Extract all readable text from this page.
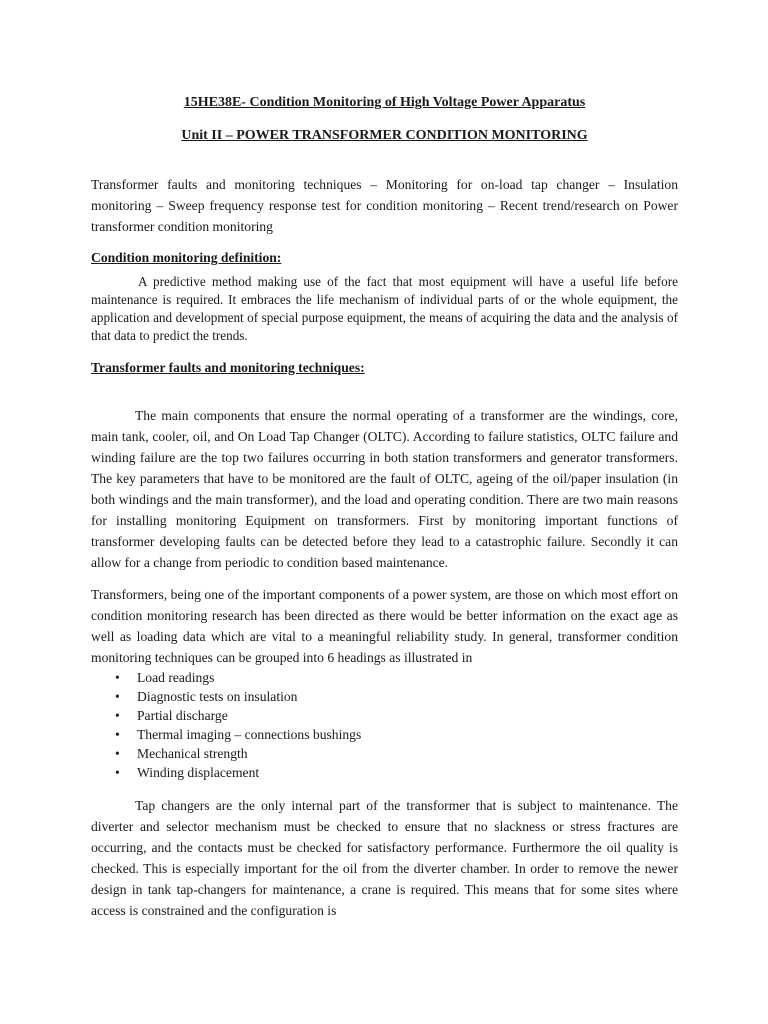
15HE38E- Condition Monitoring of High Voltage Power Apparatus

Unit II – POWER TRANSFORMER CONDITION MONITORING

Transformer faults and monitoring techniques – Monitoring for on-load tap changer – Insulation monitoring – Sweep frequency response test for condition monitoring – Recent trend/research on Power transformer condition monitoring

Condition monitoring definition:

A predictive method making use of the fact that most equipment will have a useful life before maintenance is required. It embraces the life mechanism of individual parts of or the whole equipment, the application and development of special purpose equipment, the means of acquiring the data and the analysis of that data to predict the trends.

Transformer faults and monitoring techniques:

The main components that ensure the normal operating of a transformer are the windings, core, main tank, cooler, oil, and On Load Tap Changer (OLTC). According to failure statistics, OLTC failure and winding failure are the top two failures occurring in both station transformers and generator transformers. The key parameters that have to be monitored are the fault of OLTC, ageing of the oil/paper insulation (in both windings and the main transformer), and the load and operating condition. There are two main reasons for installing monitoring Equipment on transformers. First by monitoring important functions of transformer developing faults can be detected before they lead to a catastrophic failure. Secondly it can allow for a change from periodic to condition based maintenance.

Transformers, being one of the important components of a power system, are those on which most effort on condition monitoring research has been directed as there would be better information on the exact age as well as loading data which are vital to a meaningful reliability study. In general, transformer condition monitoring techniques can be grouped into 6 headings as illustrated in

• Load readings
• Diagnostic tests on insulation
• Partial discharge
• Thermal imaging – connections bushings
• Mechanical strength
• Winding displacement

Tap changers are the only internal part of the transformer that is subject to maintenance. The diverter and selector mechanism must be checked to ensure that no slackness or stress fractures are occurring, and the contacts must be checked for satisfactory performance. Furthermore the oil quality is checked. This is especially important for the oil from the diverter chamber. In order to remove the newer design in tank tap-changers for maintenance, a crane is required. This means that for some sites where access is constrained and the configuration is
